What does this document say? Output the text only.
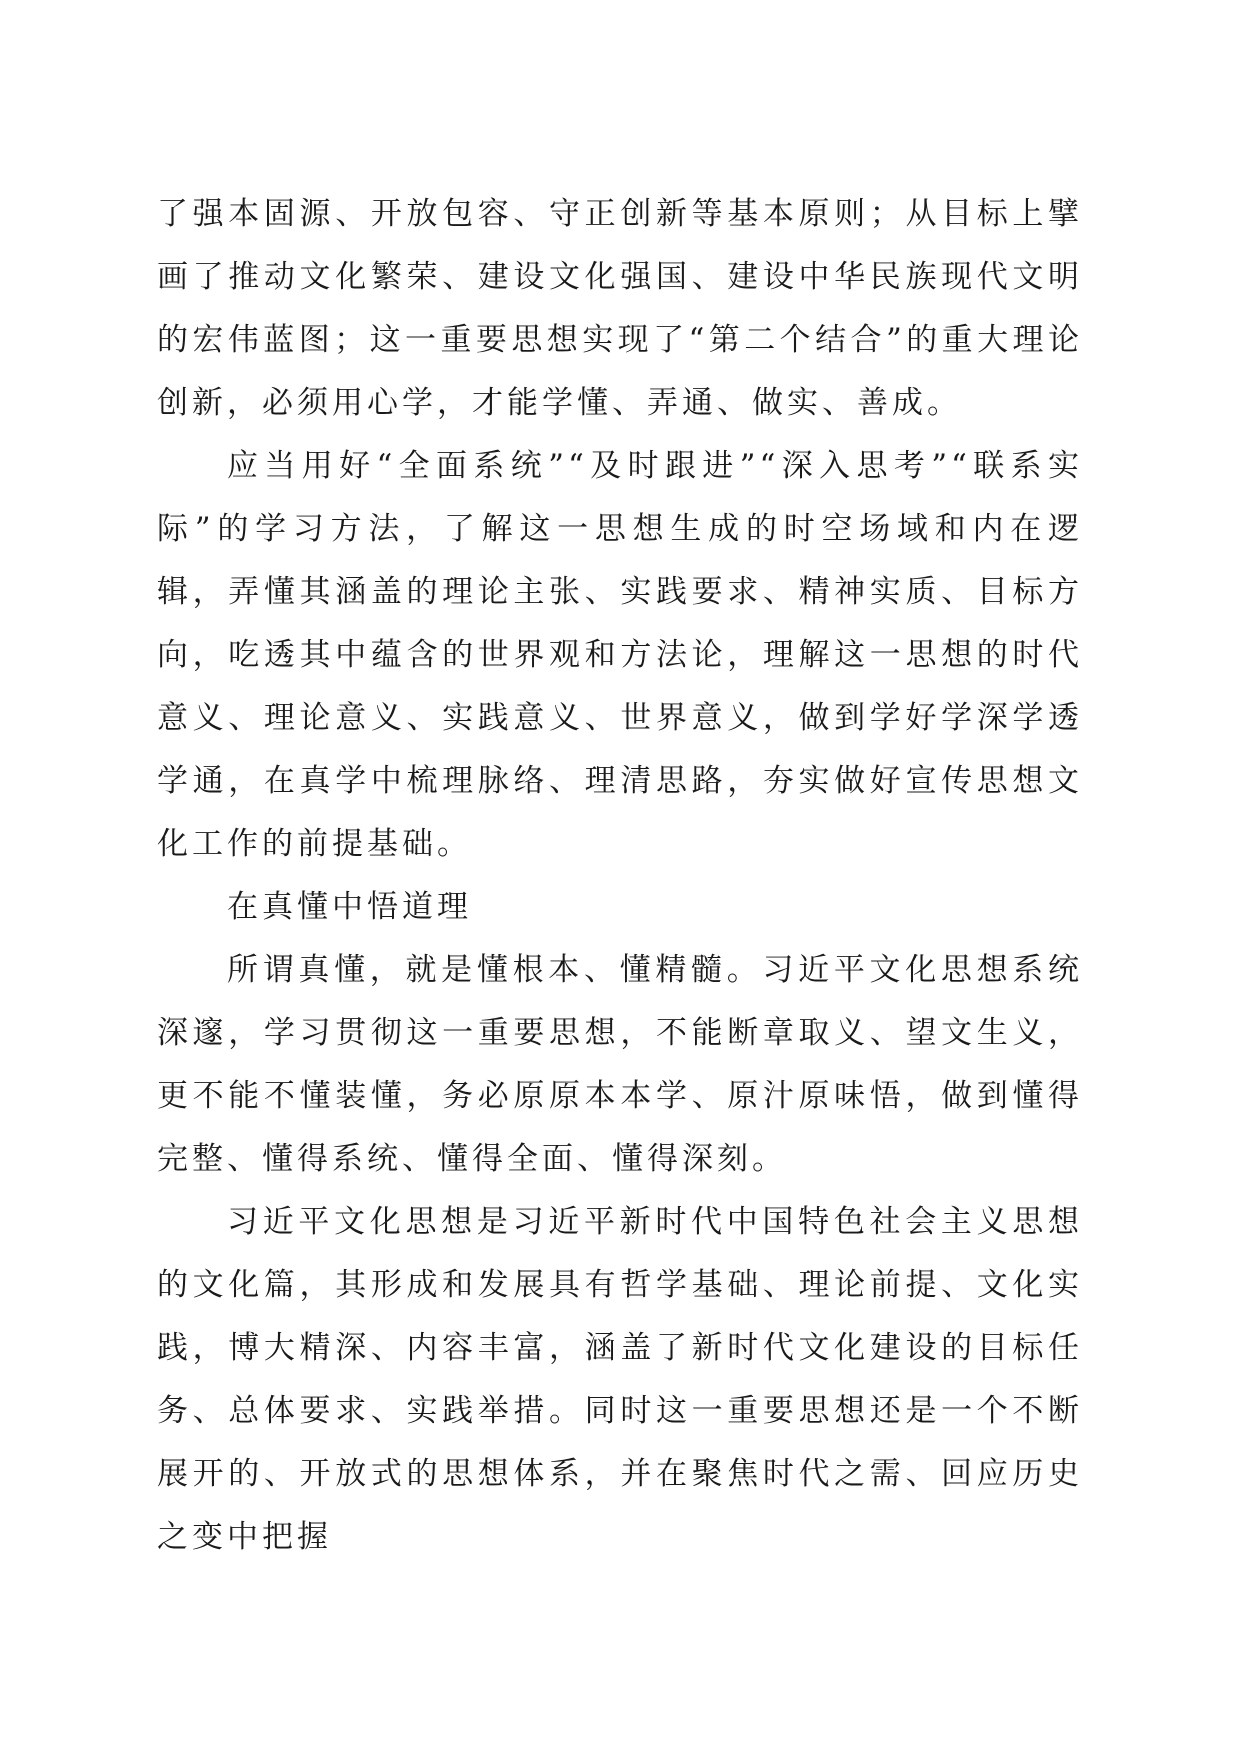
了强本固源、开放包容、守正创新等基本原则；从目标上擘画了推动文化繁荣、建设文化强国、建设中华民族现代文明的宏伟蓝图；这一重要思想实现了“第二个结合”的重大理论创新，必须用心学，才能学懂、弄通、做实、善成。

应当用好“全面系统”“及时跟进”“深入思考”“联系实际”的学习方法，了解这一思想生成的时空场域和内在逻辑，弄懂其涵盖的理论主张、实践要求、精神实质、目标方向，吃透其中蕴含的世界观和方法论，理解这一思想的时代意义、理论意义、实践意义、世界意义，做到学好学深学透学通，在真学中梳理脉络、理清思路，夯实做好宣传思想文化工作的前提基础。

在真懂中悟道理

所谓真懂，就是懂根本、懂精髓。习近平文化思想系统深邃，学习贯彻这一重要思想，不能断章取义、望文生义，更不能不懂装懂，务必原原本本学、原汁原味悟，做到懂得完整、懂得系统、懂得全面、懂得深刻。

习近平文化思想是习近平新时代中国特色社会主义思想的文化篇，其形成和发展具有哲学基础、理论前提、文化实践，博大精深、内容丰富，涵盖了新时代文化建设的目标任务、总体要求、实践举措。同时这一重要思想还是一个不断展开的、开放式的思想体系，并在聚焦时代之需、回应历史之变中把握
